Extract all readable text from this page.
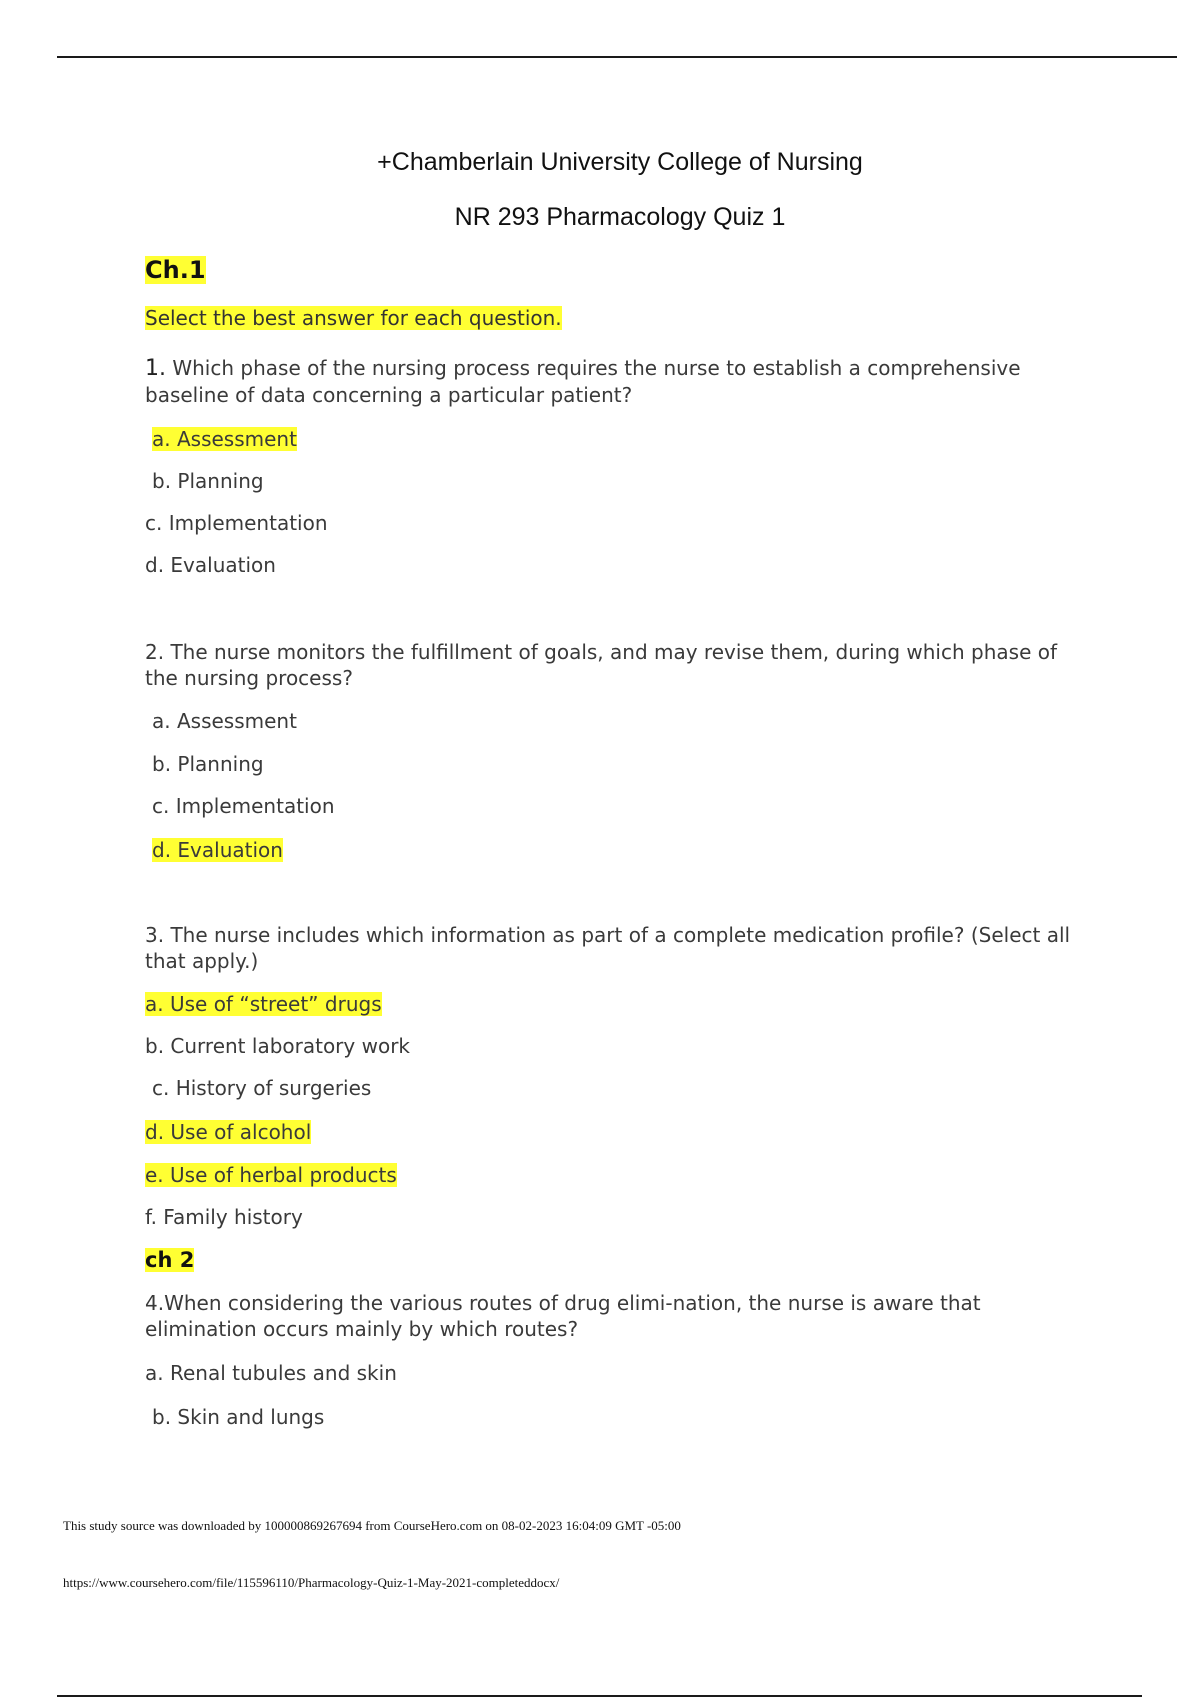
+Chamberlain University College of Nursing
NR 293 Pharmacology Quiz 1
Ch.1
Select the best answer for each question.
1. Which phase of the nursing process requires the nurse to establish a comprehensive baseline of data concerning a particular patient?
a. Assessment
b. Planning
c. Implementation
d. Evaluation
2. The nurse monitors the fulfillment of goals, and may revise them, during which phase of the nursing process?
a. Assessment
b. Planning
c. Implementation
d. Evaluation
3. The nurse includes which information as part of a complete medication profile? (Select all that apply.)
a. Use of “street” drugs
b. Current laboratory work
c. History of surgeries
d. Use of alcohol
e. Use of herbal products
f. Family history
ch 2
4.When considering the various routes of drug elimi-nation, the nurse is aware that elimination occurs mainly by which routes?
a. Renal tubules and skin
b. Skin and lungs
This study source was downloaded by 100000869267694 from CourseHero.com on 08-02-2023 16:04:09 GMT -05:00
https://www.coursehero.com/file/115596110/Pharmacology-Quiz-1-May-2021-completeddocx/
